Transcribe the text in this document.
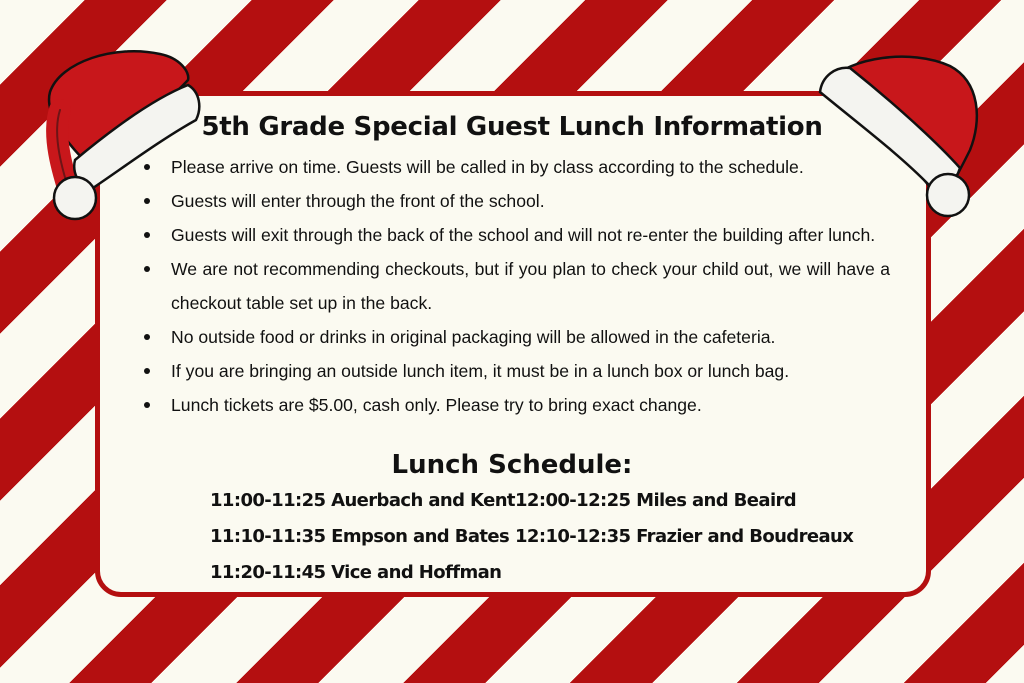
5th Grade Special Guest Lunch Information
Please arrive on time. Guests will be called in by class according to the schedule.
Guests will enter through the front of the school.
Guests will exit through the back of the school and will not re-enter the building after lunch.
We are not recommending checkouts, but if you plan to check your child out, we will have a checkout table set up in the back.
No outside food or drinks in original packaging will be allowed in the cafeteria.
If you are bringing an outside lunch item, it must be in a lunch box or lunch bag.
Lunch tickets are $5.00, cash only. Please try to bring exact change.
Lunch Schedule:
11:00-11:25 Auerbach and Kent
11:10-11:35 Empson and Bates
11:20-11:45 Vice and Hoffman
12:00-12:25 Miles and Beaird
12:10-12:35 Frazier and Boudreaux
